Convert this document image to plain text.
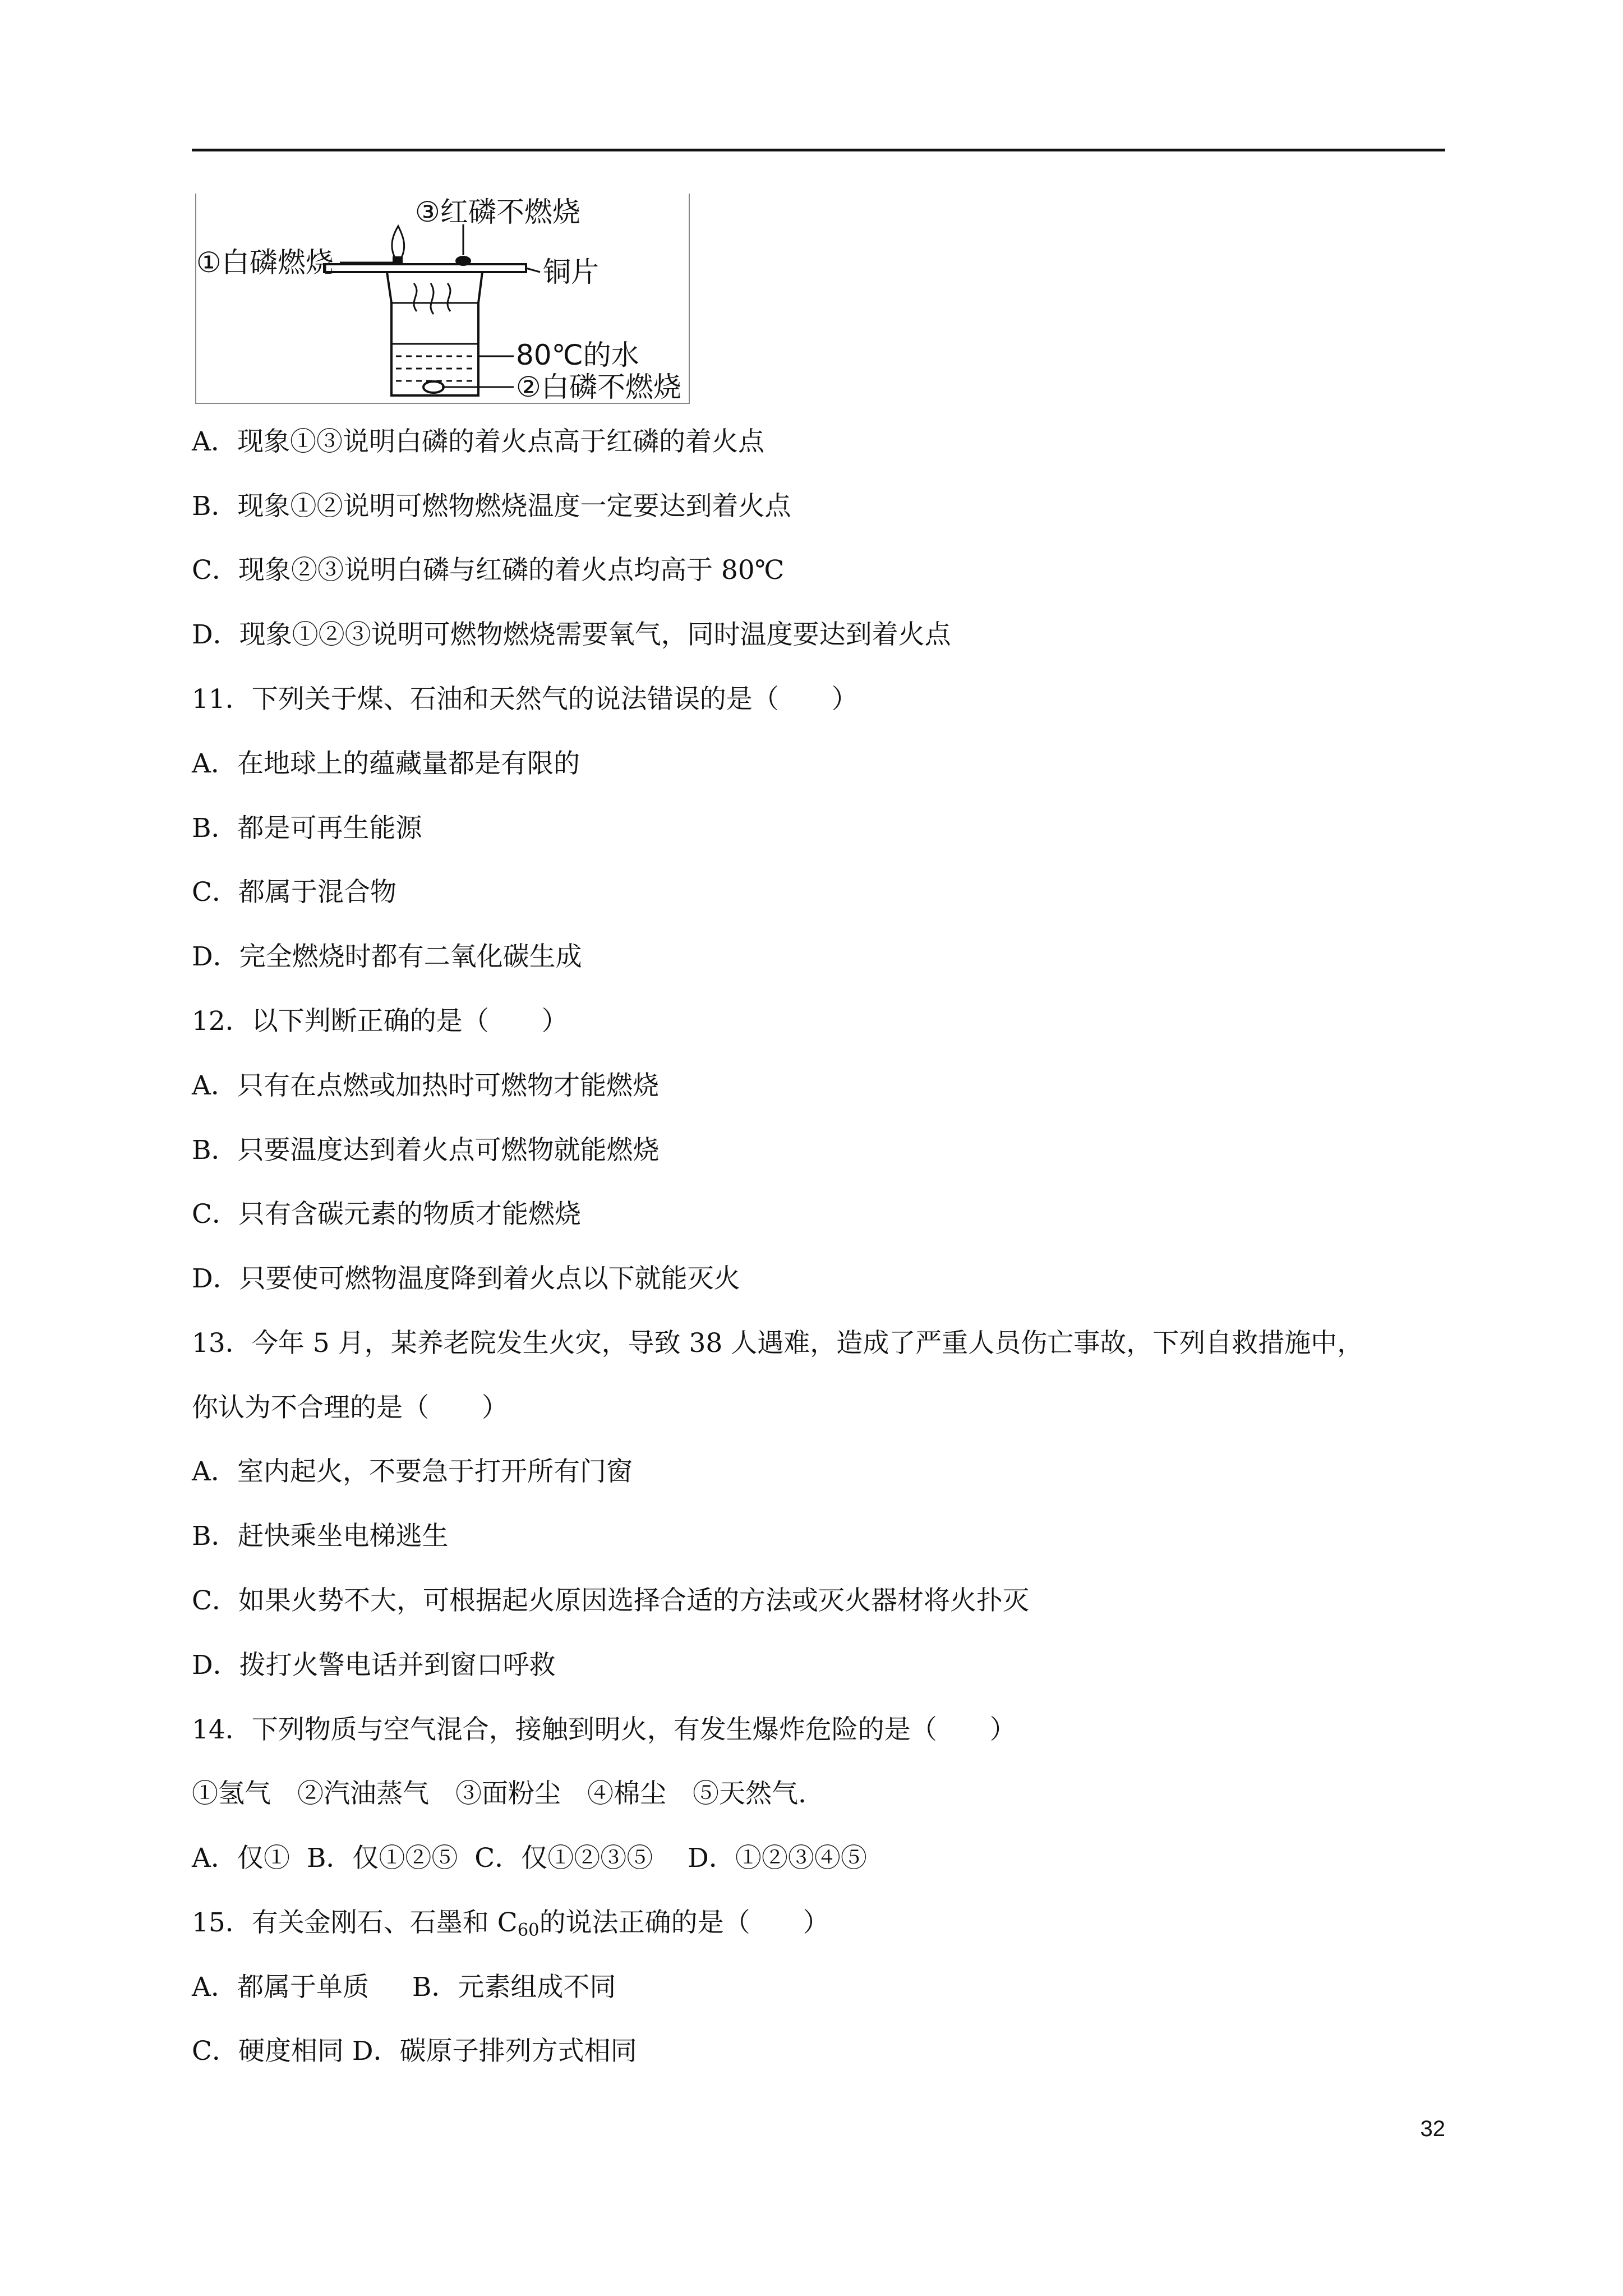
①白磷燃烧
③红磷不燃烧
铜片
80℃的水
②白磷不燃烧
A．现象①③说明白磷的着火点高于红磷的着火点
B．现象①②说明可燃物燃烧温度一定要达到着火点
C．现象②③说明白磷与红磷的着火点均高于 80℃
D．现象①②③说明可燃物燃烧需要氧气，同时温度要达到着火点
11．下列关于煤、石油和天然气的说法错误的是（　　）
A．在地球上的蕴藏量都是有限的
B．都是可再生能源
C．都属于混合物
D．完全燃烧时都有二氧化碳生成
12．以下判断正确的是（　　）
A．只有在点燃或加热时可燃物才能燃烧
B．只要温度达到着火点可燃物就能燃烧
C．只有含碳元素的物质才能燃烧
D．只要使可燃物温度降到着火点以下就能灭火
13．今年 5 月，某养老院发生火灾，导致 38 人遇难，造成了严重人员伤亡事故，下列自救措施中，
你认为不合理的是（　　）
A．室内起火，不要急于打开所有门窗
B．赶快乘坐电梯逃生
C．如果火势不大，可根据起火原因选择合适的方法或灭火器材将火扑灭
D．拨打火警电话并到窗口呼救
14．下列物质与空气混合，接触到明火，有发生爆炸危险的是（　　）
①氢气　②汽油蒸气　③面粉尘　④棉尘　⑤天然气.
A．仅①  B．仅①②⑤  C．仅①②③⑤　 D．①②③④⑤
15．有关金刚石、石墨和 $C_{60}$的说法正确的是（　　）
A．都属于单质　  B．元素组成不同
C．硬度相同 D．碳原子排列方式相同
32
